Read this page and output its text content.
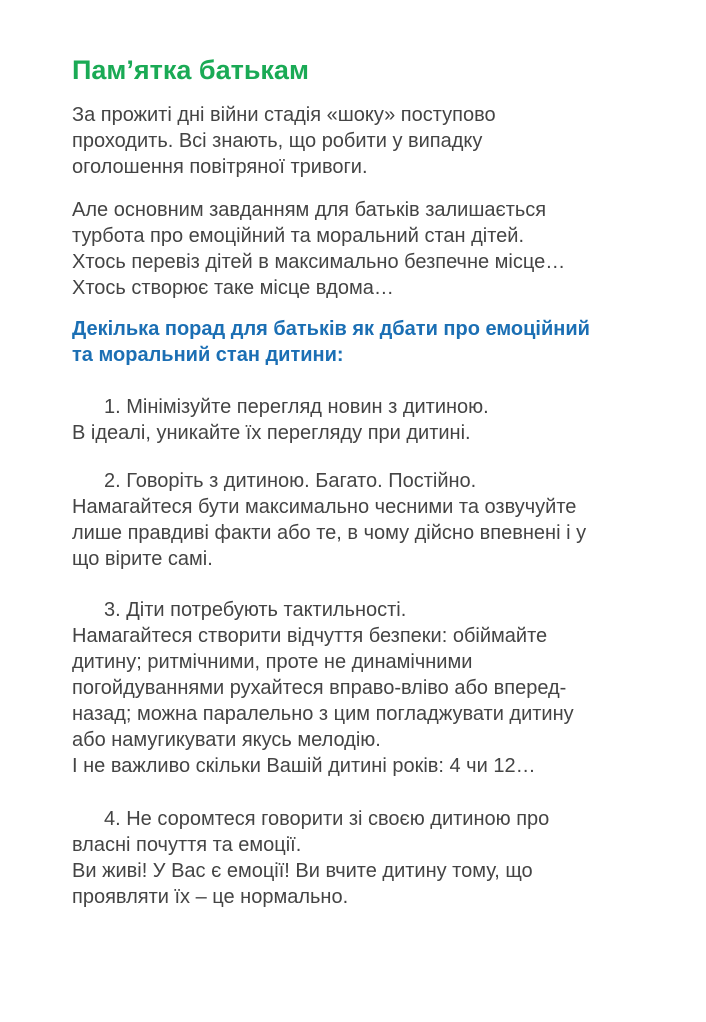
Пам’ятка батькам

За прожиті дні війни стадія «шоку» поступово
проходить. Всі знають, що робити у випадку
оголошення повітряної тривоги.

Але основним завданням для батьків залишається
турбота про емоційний та моральний стан дітей.
Хтось перевіз дітей в максимально безпечне місце…
Хтось створює таке місце вдома…

Декілька порад для батьків як дбати про емоційний
та моральний стан дитини:
1. Мінімізуйте перегляд новин з дитиною.
В ідеалі, уникайте їх перегляду при дитині.
2. Говоріть з дитиною. Багато. Постійно.
Намагайтеся бути максимально чесними та озвучуйте
лише правдиві факти або те, в чому дійсно впевнені і у
що вірите самі.
3. Діти потребують тактильності.
Намагайтеся створити відчуття безпеки: обіймайте
дитину; ритмічними, проте не динамічними
погойдуваннями рухайтеся вправо-вліво або вперед-
назад; можна паралельно з цим погладжувати дитину
або намугикувати якусь мелодію.
І не важливо скільки Вашій дитині років: 4 чи 12…
4. Не соромтеся говорити зі своєю дитиною про
власні почуття та емоції.
Ви живі! У Вас є емоції! Ви вчите дитину тому, що
проявляти їх – це нормально.
